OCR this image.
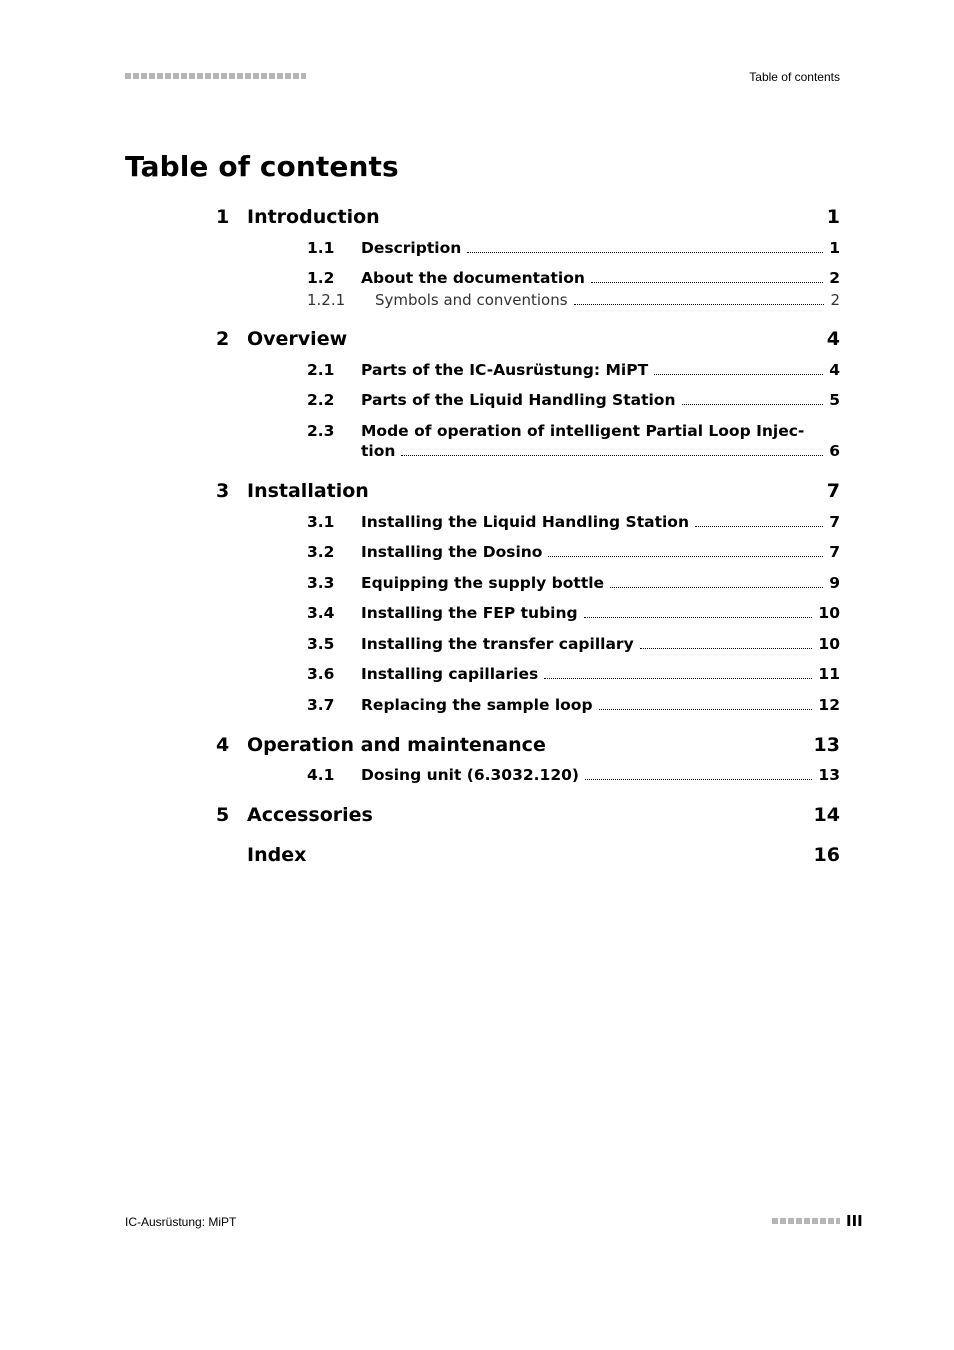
Table of contents
Table of contents
1 Introduction	1
1.1 Description	1
1.2 About the documentation	2
1.2.1 Symbols and conventions	2
2 Overview	4
2.1 Parts of the IC-Ausrüstung: MiPT	4
2.2 Parts of the Liquid Handling Station	5
2.3 Mode of operation of intelligent Partial Loop Injec-
tion	6
3 Installation	7
3.1 Installing the Liquid Handling Station	7
3.2 Installing the Dosino	7
3.3 Equipping the supply bottle	9
3.4 Installing the FEP tubing	10
3.5 Installing the transfer capillary	10
3.6 Installing capillaries	11
3.7 Replacing the sample loop	12
4 Operation and maintenance	13
4.1 Dosing unit (6.3032.120)	13
5 Accessories	14
Index	16
IC-Ausrüstung: MiPT	III
